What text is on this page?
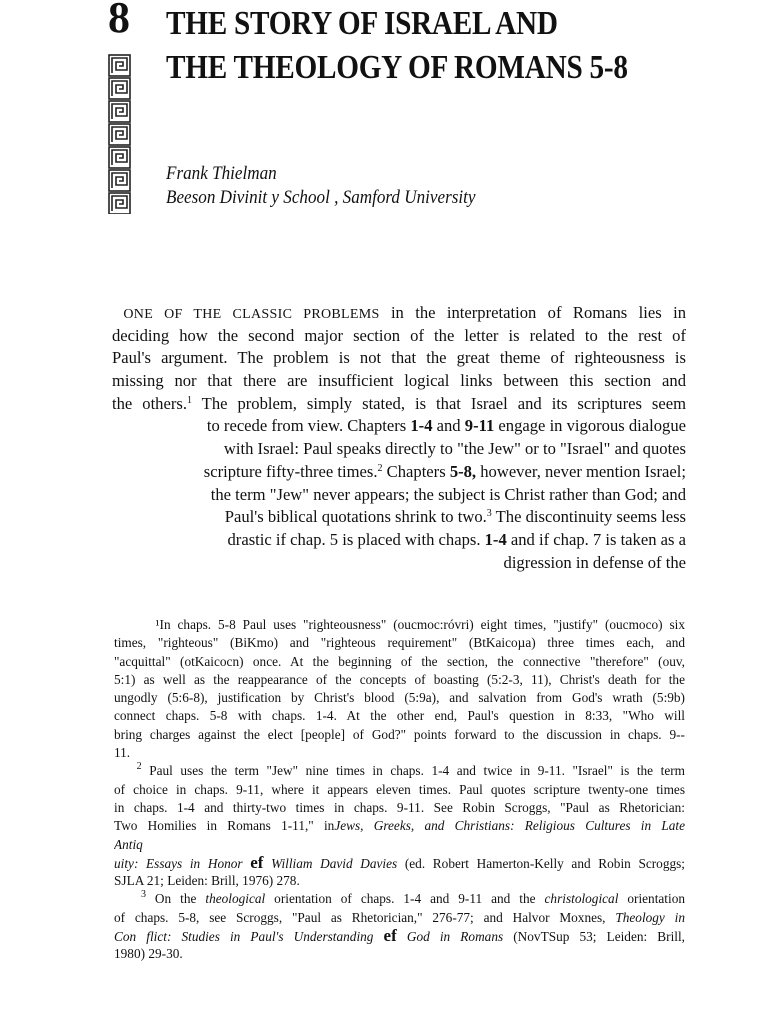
8 THE STORY OF ISRAEL AND
THE THEOLOGY OF ROMANS 5-8
Frank Thielman
Beeson Divinit y School , Samford University
ONE OF THE CLASSIC PROBLEMS in the interpretation of Romans lies in
deciding how the second major section of the letter is related to the rest of
Paul's argument. The problem is not that the great theme of righteousness is
missing nor that there are insufficient logical links between this section and
the others.$^1$ The problem, simply stated, is that Israel and its scriptures seem
to recede from view. Chapters 1-4 and 9-11 engage in vigorous dialogue
with Israel: Paul speaks directly to "the Jew" or to "Israel" and quotes
scripture fifty-three times.$^2$ Chapters 5-8, however, never mention Israel;
the term "Jew" never appears; the subject is Christ rather than God; and
Paul's biblical quotations shrink to two.$^3$ The discontinuity seems less
drastic if chap. 5 is placed with chaps. 1-4 and if chap. 7 is taken as a
digression in defense of the
¹In chaps. 5-8 Paul uses "righteousness" (oucmoc:róvri) eight times, "justify" (oucmoco) six
times, "righteous" (BiKmo) and "righteous requirement" (BtKaicoµa) three times each, and
"acquittal" (otKaicocn) once. At the beginning of the section, the connective "therefore" (ouv,
5:1) as well as the reappearance of the concepts of boasting (5:2-3, 11), Christ's death for the
ungodly (5:6-8), justification by Christ's blood (5:9a), and salvation from God's wrath (5:9b)
connect chaps. 5-8 with chaps. 1-4. At the other end, Paul's question in 8:33, "Who will
bring charges against the elect [people] of God?" points forward to the discussion in chaps. 9--
11.
$^2$ Paul uses the term "Jew" nine times in chaps. 1-4 and twice in 9-11. "Israel" is the term
of choice in chaps. 9-11, where it appears eleven times. Paul quotes scripture twenty-one times
in chaps. 1-4 and thirty-two times in chaps. 9-11. See Robin Scroggs, "Paul as Rhetorician:
Two Homilies in Romans 1-11," inJews, Greeks, and Christians: Religious Cultures in Late
Antiq
uity: Essays in Honor ef William David Davies (ed. Robert Hamerton-Kelly and Robin Scroggs;
SJLA 21; Leiden: Brill, 1976) 278.
$^3$ On the theological orientation of chaps. 1-4 and 9-11 and the christological orientation
of chaps. 5-8, see Scroggs, "Paul as Rhetorician," 276-77; and Halvor Moxnes, Theology in
Con flict: Studies in Paul's Understanding ef God in Romans (NovTSup 53; Leiden: Brill,
1980) 29-30.
